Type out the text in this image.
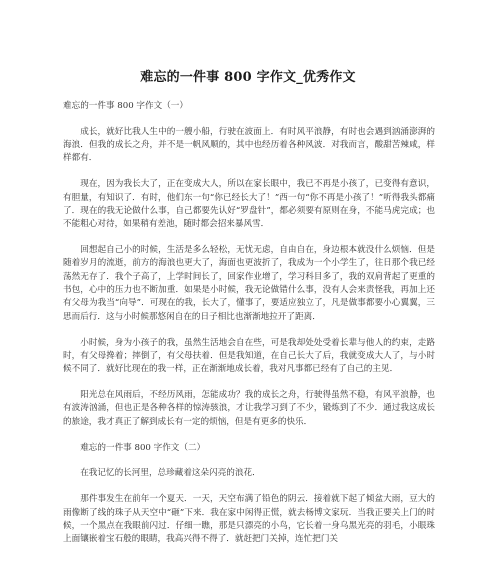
难忘的一件事 800 字作文_优秀作文

难忘的一件事 800 字作文（一）

成长，就好比我人生中的一艘小船，行驶在波面上．有时风平浪静，有时也会遇到汹涌澎湃的海浪．但我的成长之舟，并不是一帆风顺的，其中也经历着各种风波．对我而言，酸甜苦辣咸，样样都有．

现在，因为我长大了，正在变成大人，所以在家长眼中，我已不再是小孩了，已变得有意识，有胆量，有知识了．有时，他们东一句“你已经长大了！”西一句“你不再是小孩了！”听得我头都痛了．现在的我无论做什么事，自己都要先认好“罗盘针”，都必须要有原则在身，不能马虎完成；也不能粗心对待，如果稍有差池，随时都会招来暴风雪．

回想起自己小的时候，生活是多么轻松，无忧无虑，自由自在，身边根本就没什么烦恼．但是随着岁月的流逝，前方的海浪也更大了，海面也更波折了，我成为一个小学生了，往日那个我已经荡然无存了．我个子高了，上学时间长了，回家作业增了，学习科目多了，我的双肩背起了更重的书包，心中的压力也不断加重．如果是小时候，我无论做错什么事，没有人会来责怪我，再加上还有父母为我当“向导”．可现在的我，长大了，懂事了，要适应独立了，凡是做事都要小心翼翼，三思而后行．这与小时候那悠闲自在的日子相比也渐渐地拉开了距离．

小时候，身为小孩子的我，虽然生活地会自在些，可是我却处处受着长辈与他人的约束，走路时，有父母搀着；摔倒了，有父母扶着．但是我知道，在自己长大了后，我就变成大人了，与小时候不同了．就好比现在的我一样，正在渐渐地成长着，我对凡事都已经有了自己的主见．

阳光总在风雨后，不经历风雨，怎能成功？我的成长之舟，行驶得虽然不稳，有风平浪静，也有波涛汹涌，但也正是各种各样的惊涛骇浪，才让我学习到了不少，锻炼到了不少．通过我这成长的旅途，我才真正了解到成长有一定的烦恼，但是有更多的快乐．

难忘的一件事 800 字作文（二）

在我记忆的长河里，总珍藏着这朵闪亮的浪花．

那件事发生在前年一个夏天．一天，天空布满了铅色的阴云．接着就下起了倾盆大雨，豆大的雨像断了线的珠子从天空中“砸”下来．我在家中闲得正慌，就去杨博文家玩．当我正要关上门的时候，一个黑点在我眼前闪过．仔细一瞧，那是只漂亮的小鸟，它长着一身乌黑光亮的羽毛，小眼珠上面镶嵌着宝石般的眼睛，我高兴得不得了．就赶把门关掉，连忙把门关
